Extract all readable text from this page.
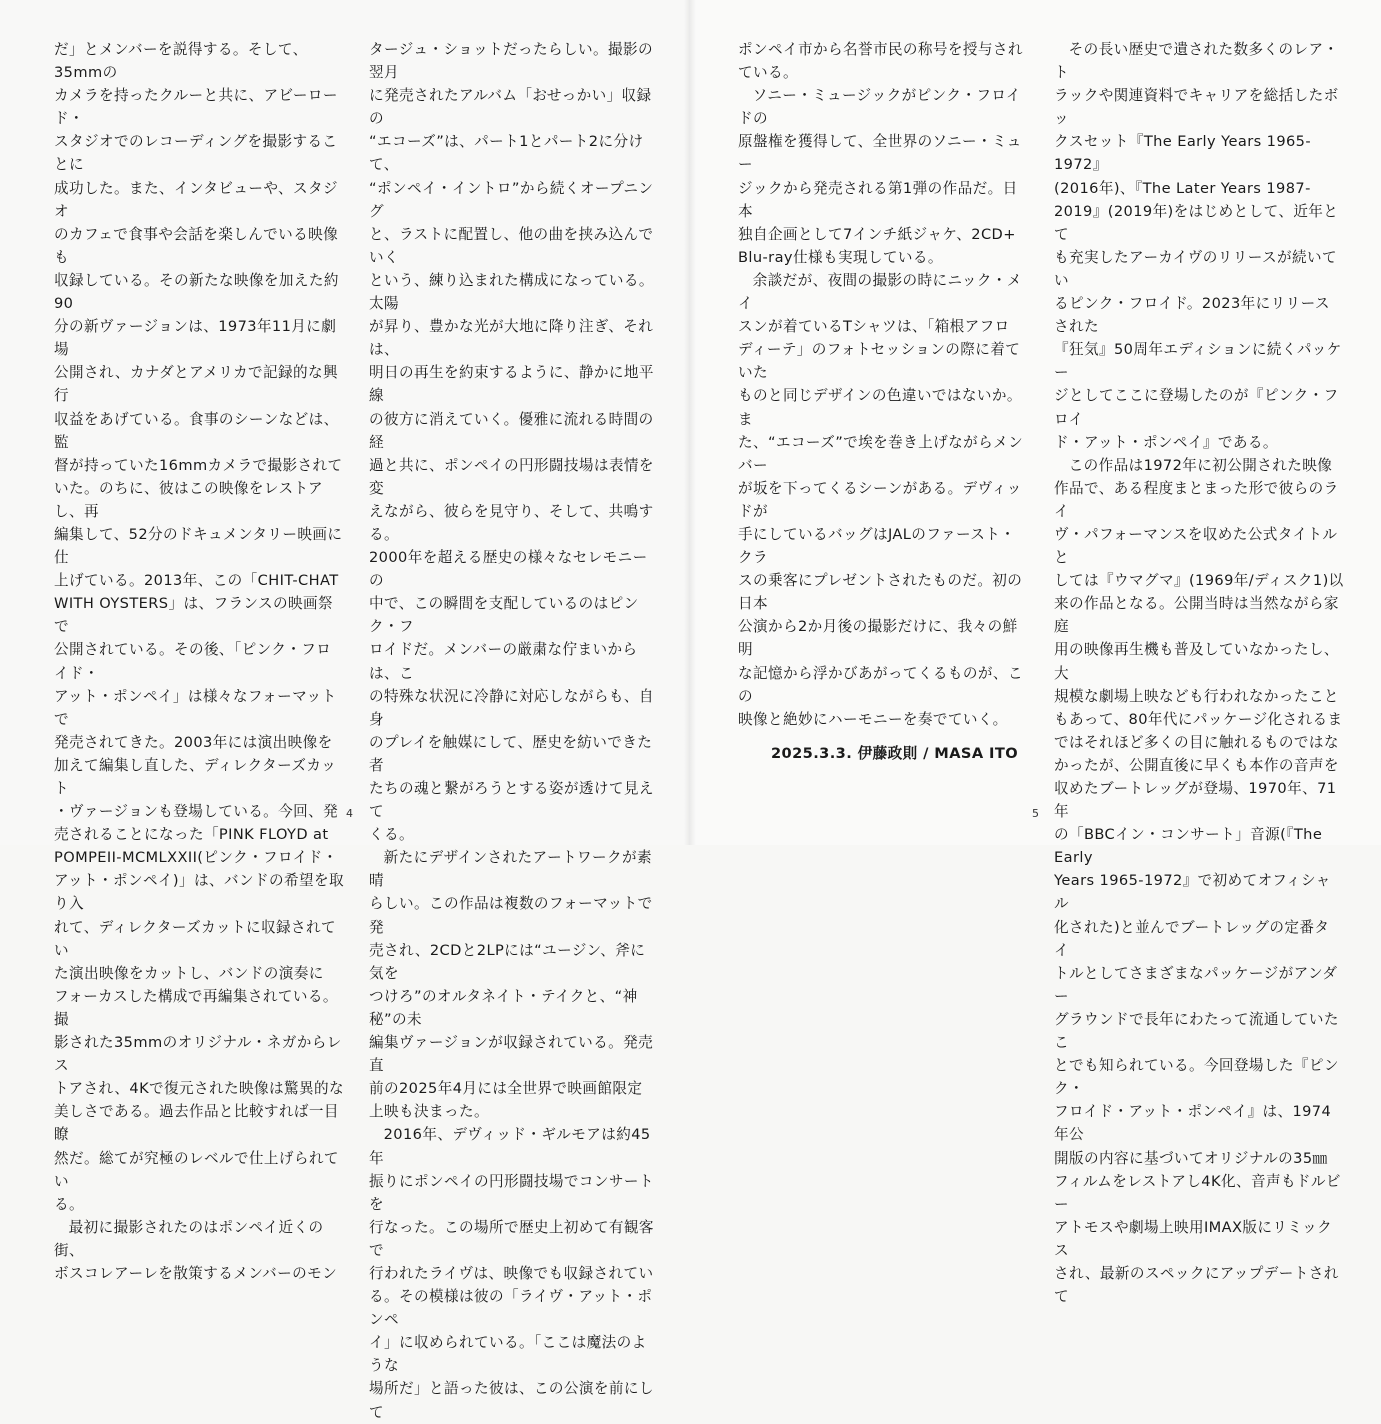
だ」とメンバーを説得する。そして、35mmの
カメラを持ったクルーと共に、アビーロード・
スタジオでのレコーディングを撮影することに
成功した。また、インタビューや、スタジオ
のカフェで食事や会話を楽しんでいる映像も
収録している。その新たな映像を加えた約90
分の新ヴァージョンは、1973年11月に劇場
公開され、カナダとアメリカで記録的な興行
収益をあげている。食事のシーンなどは、監
督が持っていた16mmカメラで撮影されて
いた。のちに、彼はこの映像をレストアし、再
編集して、52分のドキュメンタリー映画に仕
上げている。2013年、この「CHIT-CHAT
WITH OYSTERS」は、フランスの映画祭で
公開されている。その後、「ピンク・フロイド・
アット・ポンペイ」は様々なフォーマットで
発売されてきた。2003年には演出映像を
加えて編集し直した、ディレクターズカット
・ヴァージョンも登場している。今回、発
売されることになった「PINK FLOYD at
POMPEII-MCMLXXII(ピンク・フロイド・
アット・ポンペイ)」は、バンドの希望を取り入
れて、ディレクターズカットに収録されてい
た演出映像をカットし、バンドの演奏に
フォーカスした構成で再編集されている。撮
影された35mmのオリジナル・ネガからレス
トアされ、4Kで復元された映像は驚異的な
美しさである。過去作品と比較すれば一目瞭
然だ。総てが究極のレベルで仕上げられてい
る。

最初に撮影されたのはポンペイ近くの街、
ボスコレアーレを散策するメンバーのモン

タージュ・ショットだったらしい。撮影の翌月
に発売されたアルバム「おせっかい」収録の
“エコーズ”は、パート1とパート2に分けて、
“ポンペイ・イントロ”から続くオープニング
と、ラストに配置し、他の曲を挟み込んでいく
という、練り込まれた構成になっている。太陽
が昇り、豊かな光が大地に降り注ぎ、それは、
明日の再生を約束するように、静かに地平線
の彼方に消えていく。優雅に流れる時間の経
過と共に、ポンペイの円形闘技場は表情を変
えながら、彼らを見守り、そして、共鳴する。
2000年を超える歴史の様々なセレモニーの
中で、この瞬間を支配しているのはピンク・フ
ロイドだ。メンバーの厳粛な佇まいからは、こ
の特殊な状況に冷静に対応しながらも、自身
のプレイを触媒にして、歴史を紡いできた者
たちの魂と繋がろうとする姿が透けて見えて
くる。

新たにデザインされたアートワークが素晴
らしい。この作品は複数のフォーマットで発
売され、2CDと2LPには“ユージン、斧に気を
つけろ”のオルタネイト・テイクと、“神秘”の未
編集ヴァージョンが収録されている。発売直
前の2025年4月には全世界で映画館限定
上映も決まった。

2016年、デヴィッド・ギルモアは約45年
振りにポンペイの円形闘技場でコンサートを
行なった。この場所で歴史上初めて有観客で
行われたライヴは、映像でも収録されてい
る。その模様は彼の「ライヴ・アット・ポンペ
イ」に収められている。「ここは魔法のような
場所だ」と語った彼は、この公演を前にして

4

ポンペイ市から名誉市民の称号を授与され
ている。

ソニー・ミュージックがピンク・フロイドの
原盤権を獲得して、全世界のソニー・ミュー
ジックから発売される第1弾の作品だ。日本
独自企画として7インチ紙ジャケ、2CD+
Blu-ray仕様も実現している。

余談だが、夜間の撮影の時にニック・メイ
スンが着ているTシャツは、「箱根アフロ
ディーテ」のフォトセッションの際に着ていた
ものと同じデザインの色違いではないか。ま
た、“エコーズ”で埃を巻き上げながらメンバー
が坂を下ってくるシーンがある。デヴィッドが
手にしているバッグはJALのファースト・クラ
スの乗客にプレゼントされたものだ。初の日本
公演から2か月後の撮影だけに、我々の鮮明
な記憶から浮かびあがってくるものが、この
映像と絶妙にハーモニーを奏でていく。

2025.3.3. 伊藤政則 / MASA ITO

その長い歴史で遺された数多くのレア・ト
ラックや関連資料でキャリアを総括したボッ
クスセット『The Early Years 1965-1972』
(2016年)、『The Later Years 1987-
2019』(2019年)をはじめとして、近年とて
も充実したアーカイヴのリリースが続いてい
るピンク・フロイド。2023年にリリースされた
『狂気』50周年エディションに続くパッケー
ジとしてここに登場したのが『ピンク・フロイ
ド・アット・ポンペイ』である。

この作品は1972年に初公開された映像
作品で、ある程度まとまった形で彼らのライ
ヴ・パフォーマンスを収めた公式タイトルと
しては『ウマグマ』(1969年/ディスク1)以
来の作品となる。公開当時は当然ながら家庭
用の映像再生機も普及していなかったし、大
規模な劇場上映なども行われなかったこと
もあって、80年代にパッケージ化されるま
ではそれほど多くの目に触れるものではな
かったが、公開直後に早くも本作の音声を
収めたブートレッグが登場、1970年、71年
の「BBCイン・コンサート」音源(『The Early
Years 1965-1972』で初めてオフィシャル
化された)と並んでブートレッグの定番タイ
トルとしてさまざまなパッケージがアンダー
グラウンドで長年にわたって流通していたこ
とでも知られている。今回登場した『ピンク・
フロイド・アット・ポンペイ』は、1974年公
開版の内容に基づいてオリジナルの35㎜
フィルムをレストアし4K化、音声もドルビー
アトモスや劇場上映用IMAX版にリミックス
され、最新のスペックにアップデートされて

5
